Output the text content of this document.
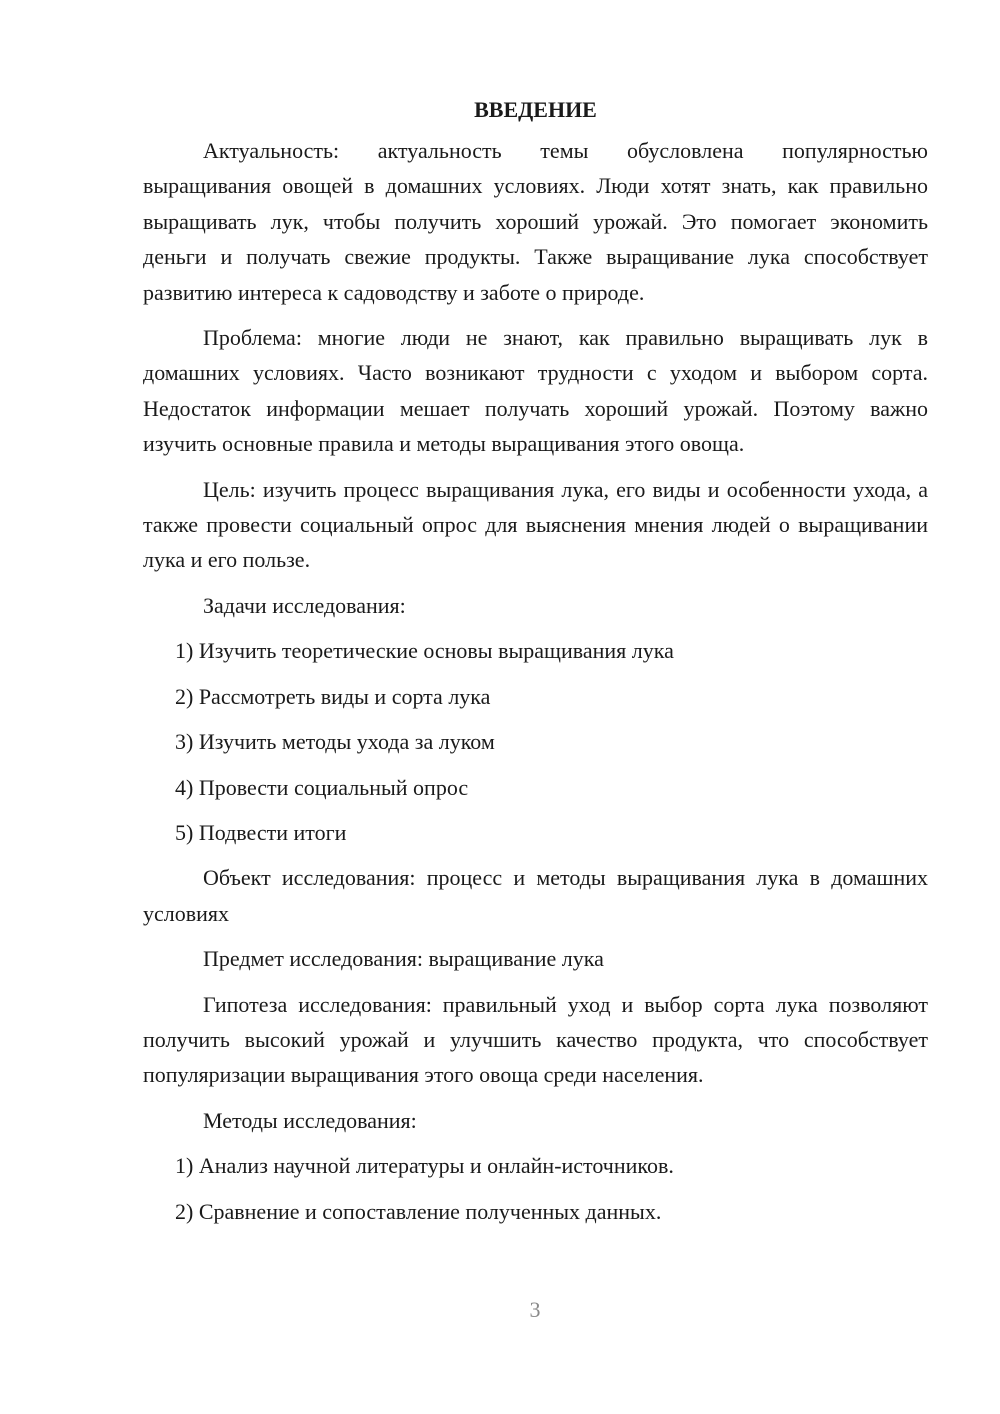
ВВЕДЕНИЕ

Актуальность: актуальность темы обусловлена популярностью выращивания овощей в домашних условиях. Люди хотят знать, как правильно выращивать лук, чтобы получить хороший урожай. Это помогает экономить деньги и получать свежие продукты. Также выращивание лука способствует развитию интереса к садоводству и заботе о природе.

Проблема: многие люди не знают, как правильно выращивать лук в домашних условиях. Часто возникают трудности с уходом и выбором сорта. Недостаток информации мешает получать хороший урожай. Поэтому важно изучить основные правила и методы выращивания этого овоща.

Цель: изучить процесс выращивания лука, его виды и особенности ухода, а также провести социальный опрос для выяснения мнения людей о выращивании лука и его пользе.

Задачи исследования:

1) Изучить теоретические основы выращивания лука
2) Рассмотреть виды и сорта лука
3) Изучить методы ухода за луком
4) Провести социальный опрос
5) Подвести итоги

Объект исследования: процесс и методы выращивания лука в домашних условиях

Предмет исследования: выращивание лука

Гипотеза исследования: правильный уход и выбор сорта лука позволяют получить высокий урожай и улучшить качество продукта, что способствует популяризации выращивания этого овоща среди населения.

Методы исследования:

1) Анализ научной литературы и онлайн-источников.
2) Сравнение и сопоставление полученных данных.
3
